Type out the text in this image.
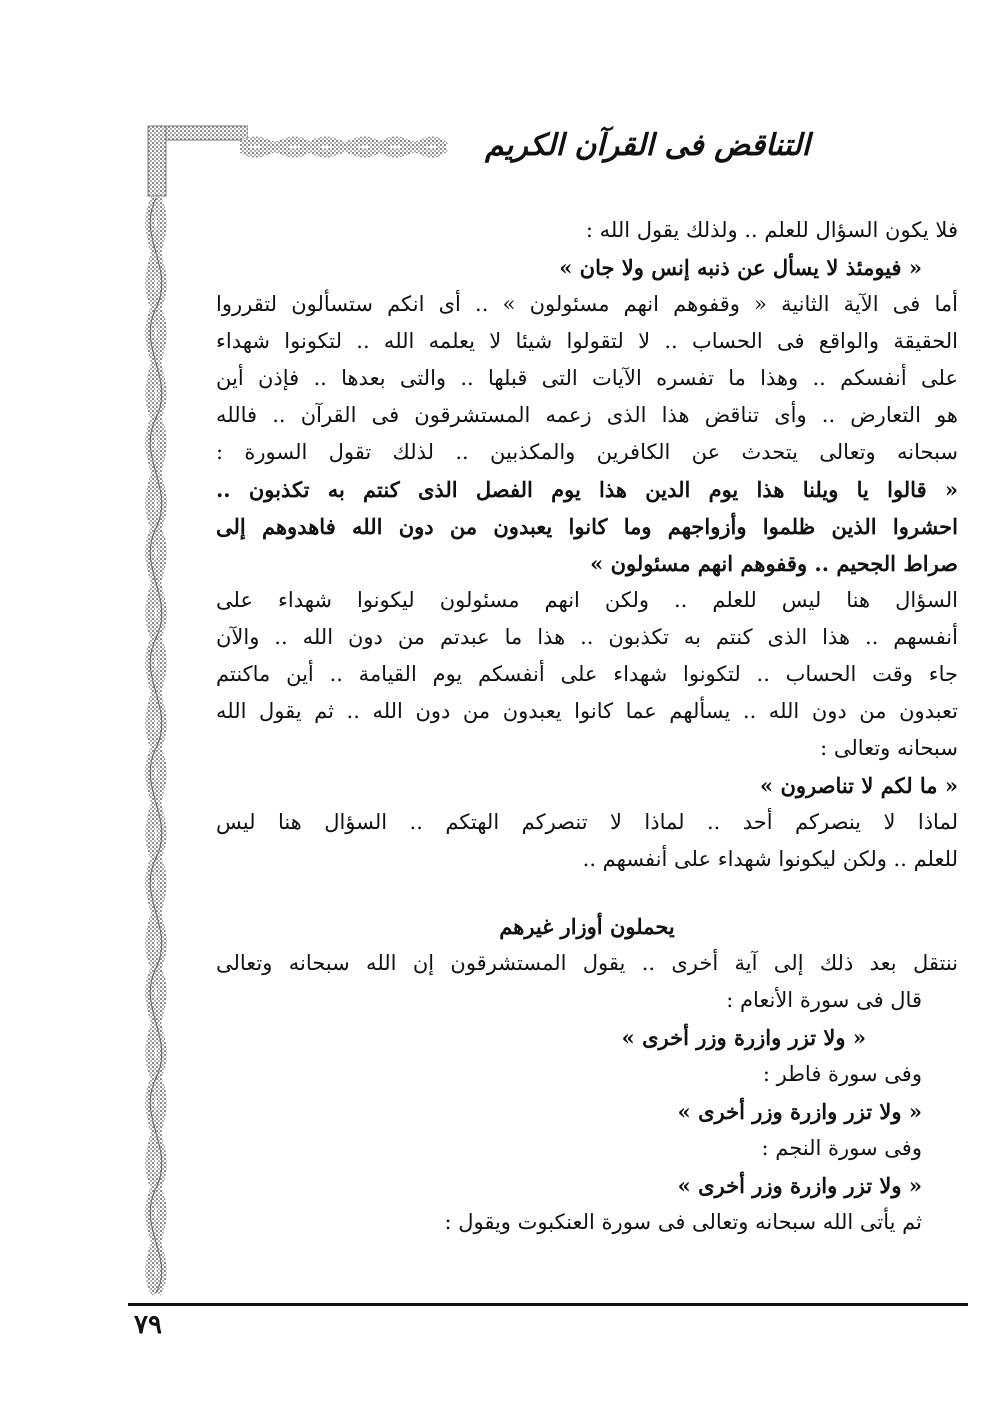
التناقض فى القرآن الكريم
فلا يكون السؤال للعلم .. ولذلك يقول الله :
« فيومئذ لا يسأل عن ذنبه إنس ولا جان »
أما فى الآية الثانية « وقفوهم انهم مسئولون » .. أى انكم ستسألون لتقرروا
الحقيقة والواقع فى الحساب .. لا لتقولوا شيئا لا يعلمه الله .. لتكونوا شهداء
على أنفسكم .. وهذا ما تفسره الآيات التى قبلها .. والتى بعدها .. فإذن أين
هو التعارض .. وأى تناقض هذا الذى زعمه المستشرقون فى القرآن .. فالله
سبحانه وتعالى يتحدث عن الكافرين والمكذبين .. لذلك تقول السورة :
« قالوا يا ويلنا هذا يوم الدين هذا يوم الفصل الذى كنتم به تكذبون ..
احشروا الذين ظلموا وأزواجهم وما كانوا يعبدون من دون الله فاهدوهم إلى
صراط الجحيم .. وقفوهم انهم مسئولون »
السؤال هنا ليس للعلم .. ولكن انهم مسئولون ليكونوا شهداء على
أنفسهم .. هذا الذى كنتم به تكذبون .. هذا ما عبدتم من دون الله .. والآن
جاء وقت الحساب .. لتكونوا شهداء على أنفسكم يوم القيامة .. أين ماكنتم
تعبدون من دون الله .. يسألهم عما كانوا يعبدون من دون الله .. ثم يقول الله
سبحانه وتعالى :
« ما لكم لا تناصرون »
لماذا لا ينصركم أحد .. لماذا لا تنصركم الهتكم .. السؤال هنا ليس
للعلم .. ولكن ليكونوا شهداء على أنفسهم ..
يحملون أوزار غيرهم
ننتقل بعد ذلك إلى آية أخرى .. يقول المستشرقون إن الله سبحانه وتعالى
قال فى سورة الأنعام :
« ولا تزر وازرة وزر أخرى »
وفى سورة فاطر :
« ولا تزر وازرة وزر أخرى »
وفى سورة النجم :
« ولا تزر وازرة وزر أخرى »
ثم يأتى الله سبحانه وتعالى فى سورة العنكبوت ويقول :
٧٩
